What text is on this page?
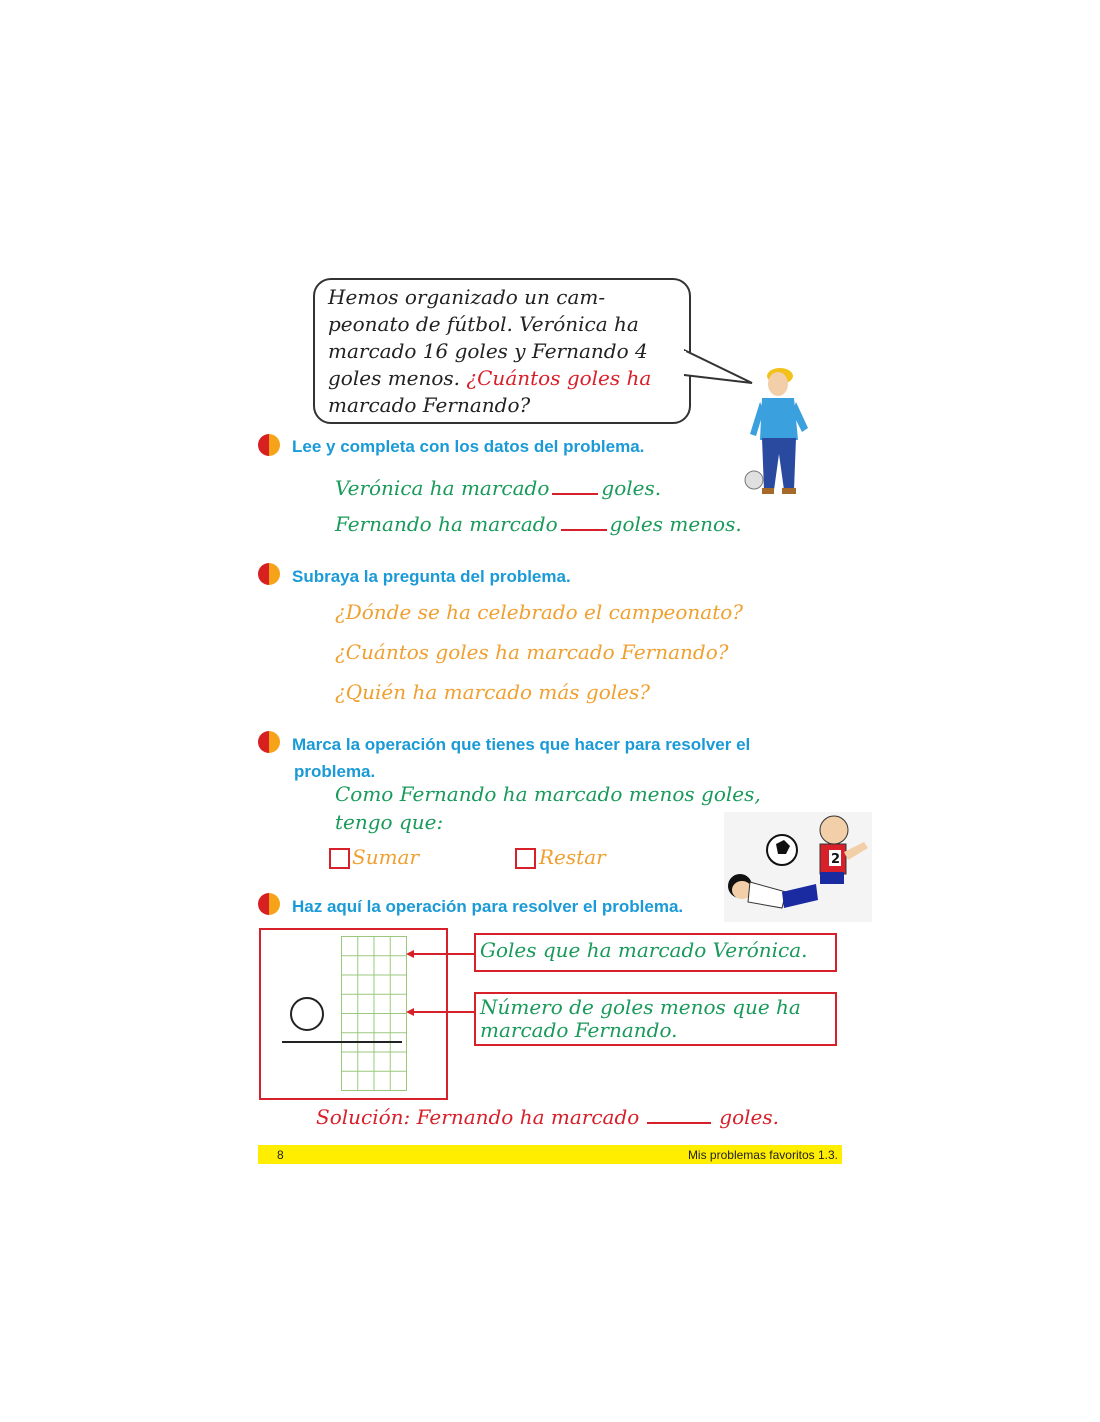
Hemos organizado un cam-
peonato de fútbol. Verónica ha
marcado 16 goles y Fernando 4
goles menos. ¿Cuántos goles ha
marcado Fernando?
Lee y completa con los datos del problema.
Verónica ha marcado	goles.
Fernando ha marcado	goles menos.
Subraya la pregunta del problema.
¿Dónde se ha celebrado el campeonato?
¿Cuántos goles ha marcado Fernando?
¿Quién ha marcado más goles?
Marca la operación que tienes que hacer para resolver el
problema.
Como Fernando ha marcado menos goles,
tengo que:
Sumar	Restar	2
Haz aquí la operación para resolver el problema.
Goles que ha marcado Verónica.
Número de goles menos que ha
marcado Fernando.
Solución: Fernando ha marcado	goles.
8	Mis problemas favoritos 1.3.
